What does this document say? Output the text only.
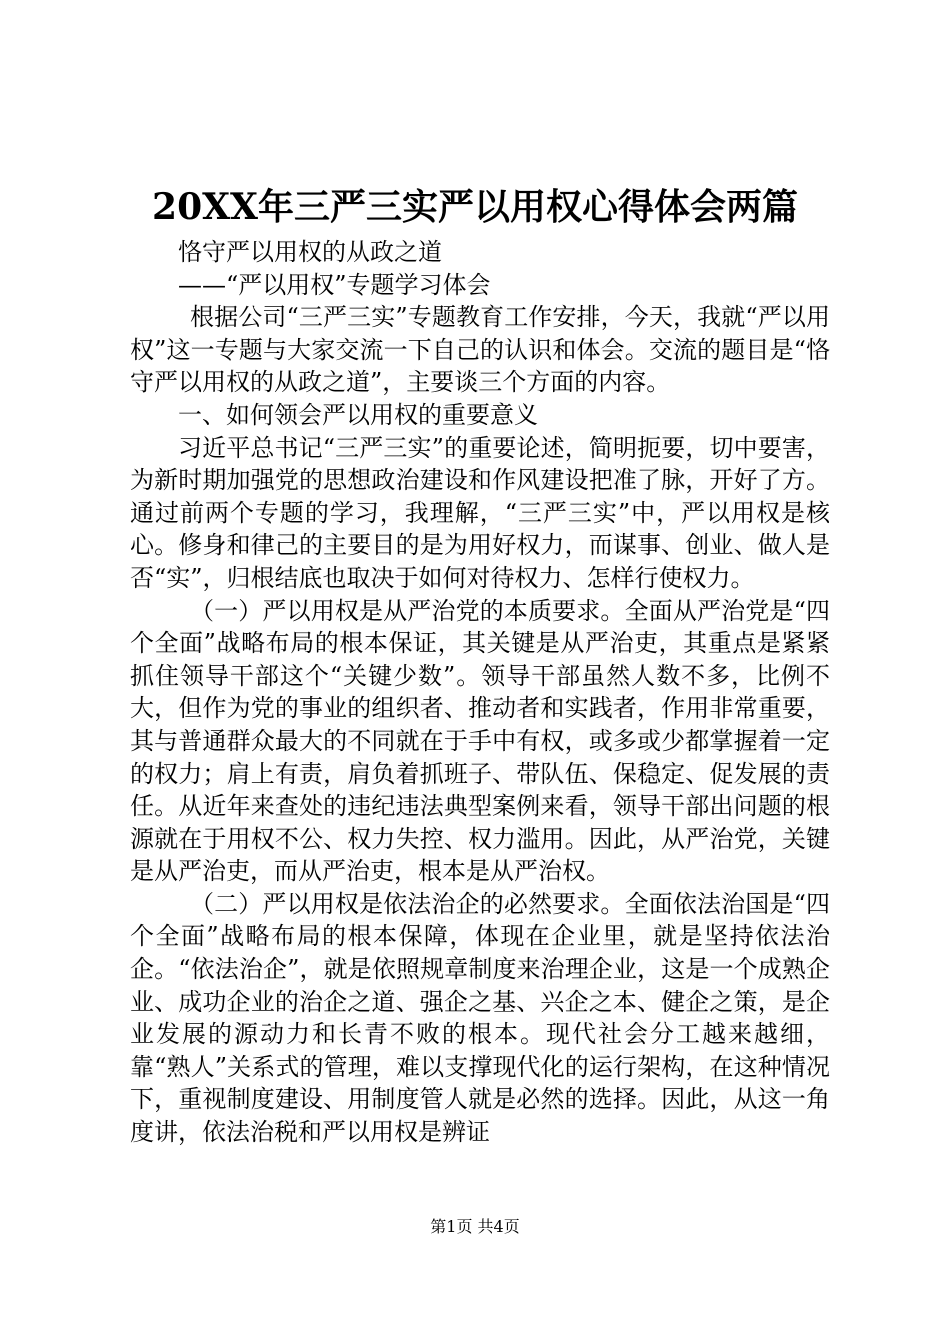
20XX年三严三实严以用权心得体会两篇

恪守严以用权的从政之道

——“严以用权”专题学习体会

根据公司“三严三实”专题教育工作安排，今天，我就“严以用权”这一专题与大家交流一下自己的认识和体会。交流的题目是“恪守严以用权的从政之道”，主要谈三个方面的内容。

一、如何领会严以用权的重要意义

习近平总书记“三严三实”的重要论述，简明扼要，切中要害，为新时期加强党的思想政治建设和作风建设把准了脉，开好了方。通过前两个专题的学习，我理解，“三严三实”中，严以用权是核心。修身和律己的主要目的是为用好权力，而谋事、创业、做人是否“实”，归根结底也取决于如何对待权力、怎样行使权力。

（一）严以用权是从严治党的本质要求。全面从严治党是“四个全面”战略布局的根本保证，其关键是从严治吏，其重点是紧紧抓住领导干部这个“关键少数”。领导干部虽然人数不多，比例不大，但作为党的事业的组织者、推动者和实践者，作用非常重要，其与普通群众最大的不同就在于手中有权，或多或少都掌握着一定的权力；肩上有责，肩负着抓班子、带队伍、保稳定、促发展的责任。从近年来查处的违纪违法典型案例来看，领导干部出问题的根源就在于用权不公、权力失控、权力滥用。因此，从严治党，关键是从严治吏，而从严治吏，根本是从严治权。

（二）严以用权是依法治企的必然要求。全面依法治国是“四个全面”战略布局的根本保障，体现在企业里，就是坚持依法治企。“依法治企”，就是依照规章制度来治理企业，这是一个成熟企业、成功企业的治企之道、强企之基、兴企之本、健企之策，是企业发展的源动力和长青不败的根本。现代社会分工越来越细，靠“熟人”关系式的管理，难以支撑现代化的运行架构，在这种情况下，重视制度建设、用制度管人就是必然的选择。因此，从这一角度讲，依法治税和严以用权是辨证

第1页 共4页
